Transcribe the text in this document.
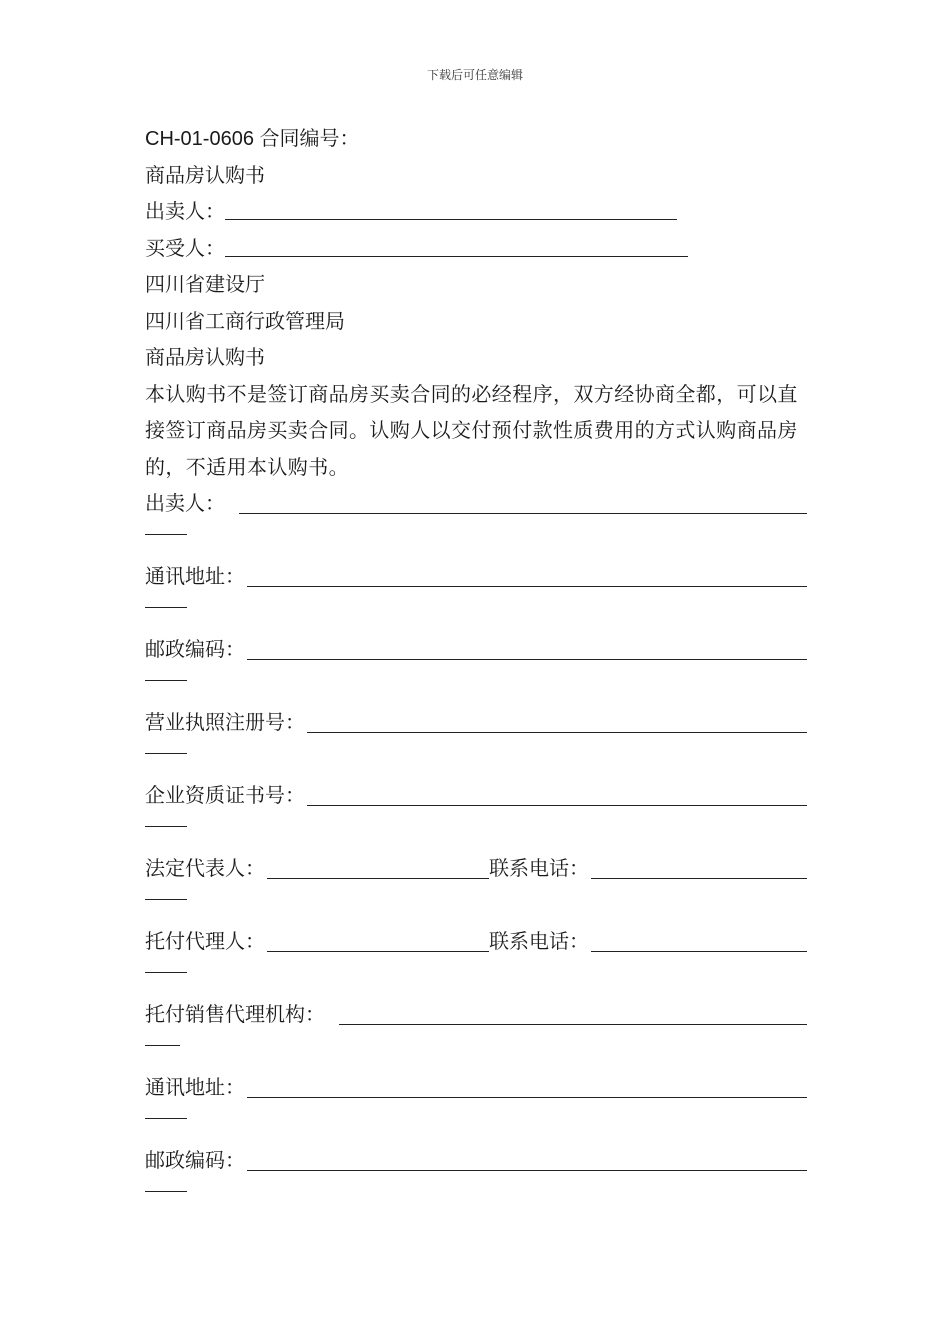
下载后可任意编辑
CH-01-0606 合同编号：
商品房认购书
出卖人：
买受人：
四川省建设厅
四川省工商行政管理局
商品房认购书
本认购书不是签订商品房买卖合同的必经程序，双方经协商全都，可以直接签订商品房买卖合同。认购人以交付预付款性质费用的方式认购商品房的，不适用本认购书。
出卖人：
通讯地址：
邮政编码：
营业执照注册号：
企业资质证书号：
法定代表人：	联系电话：
托付代理人：	联系电话：
托付销售代理机构：
通讯地址：
邮政编码：
